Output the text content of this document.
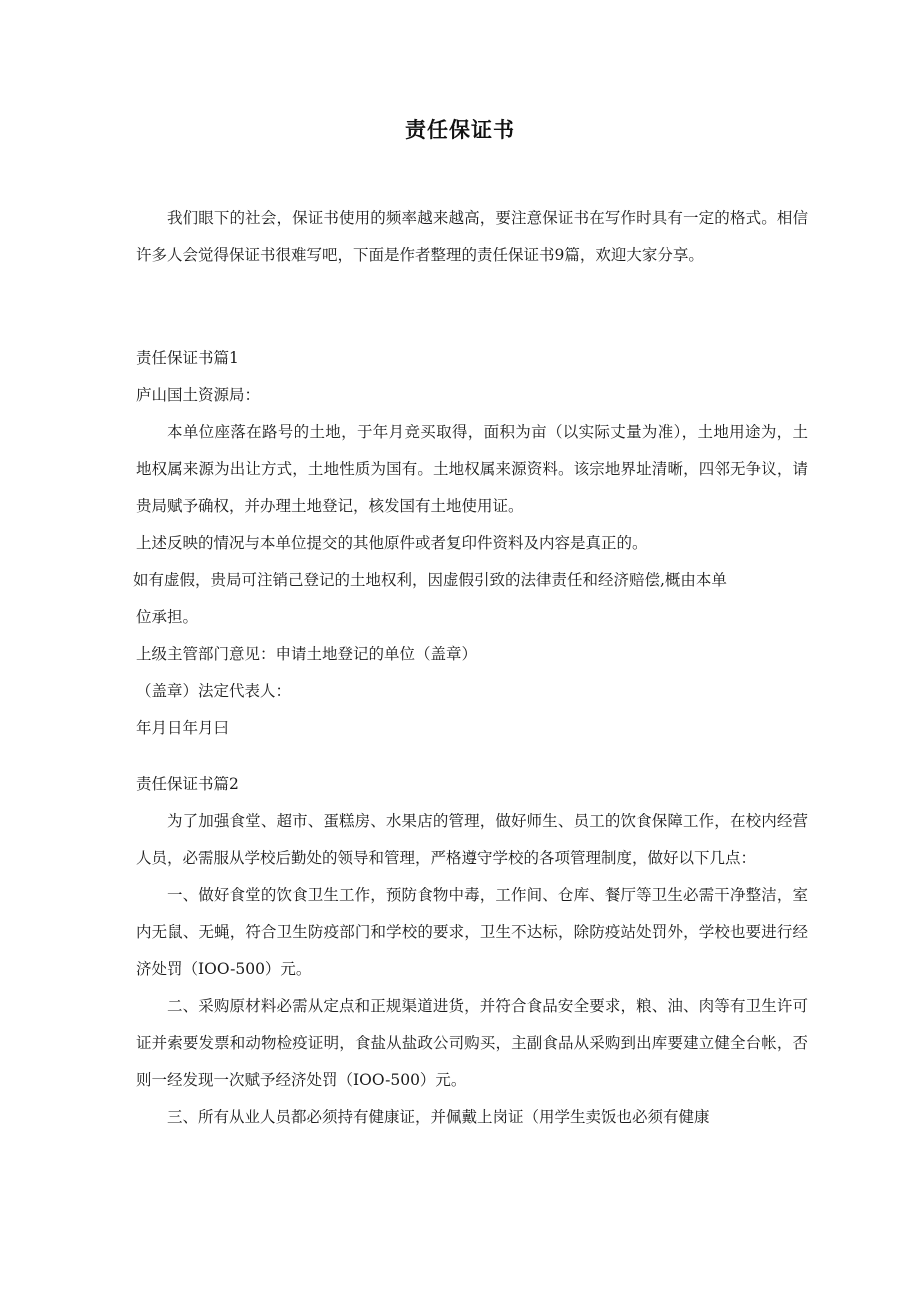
责任保证书

我们眼下的社会，保证书使用的频率越来越高，要注意保证书在写作时具有一定的格式。相信许多人会觉得保证书很难写吧，下面是作者整理的责任保证书9篇，欢迎大家分享。

责任保证书篇1

庐山国土资源局：

本单位座落在路号的土地，于年月竞买取得，面积为亩（以实际丈量为准），土地用途为，土地权属来源为出让方式，土地性质为国有。土地权属来源资料。该宗地界址清晰，四邻无争议，请贵局赋予确权，并办理土地登记，核发国有土地使用证。

上述反映的情况与本单位提交的其他原件或者复印件资料及内容是真正的。

如有虚假，贵局可注销己登记的土地权利，因虚假引致的法律责任和经济赔偿,概由本单

位承担。

上级主管部门意见：申请土地登记的单位（盖章）

（盖章）法定代表人：

年月日年月曰

责任保证书篇2

为了加强食堂、超市、蛋糕房、水果店的管理，做好师生、员工的饮食保障工作，在校内经营人员，必需服从学校后勤处的领导和管理，严格遵守学校的各项管理制度，做好以下几点：

一、做好食堂的饮食卫生工作，预防食物中毒，工作间、仓库、餐厅等卫生必需干净整洁，室内无鼠、无蝇，符合卫生防疫部门和学校的要求，卫生不达标，除防疫站处罚外，学校也要进行经济处罚（IOO-500）元。

二、采购原材料必需从定点和正规渠道进货，并符合食品安全要求，粮、油、肉等有卫生许可证并索要发票和动物检疫证明，食盐从盐政公司购买，主副食品从采购到出库要建立健全台帐，否则一经发现一次赋予经济处罚（IOO-500）元。

三、所有从业人员都必须持有健康证，并佩戴上岗证（用学生卖饭也必须有健康
